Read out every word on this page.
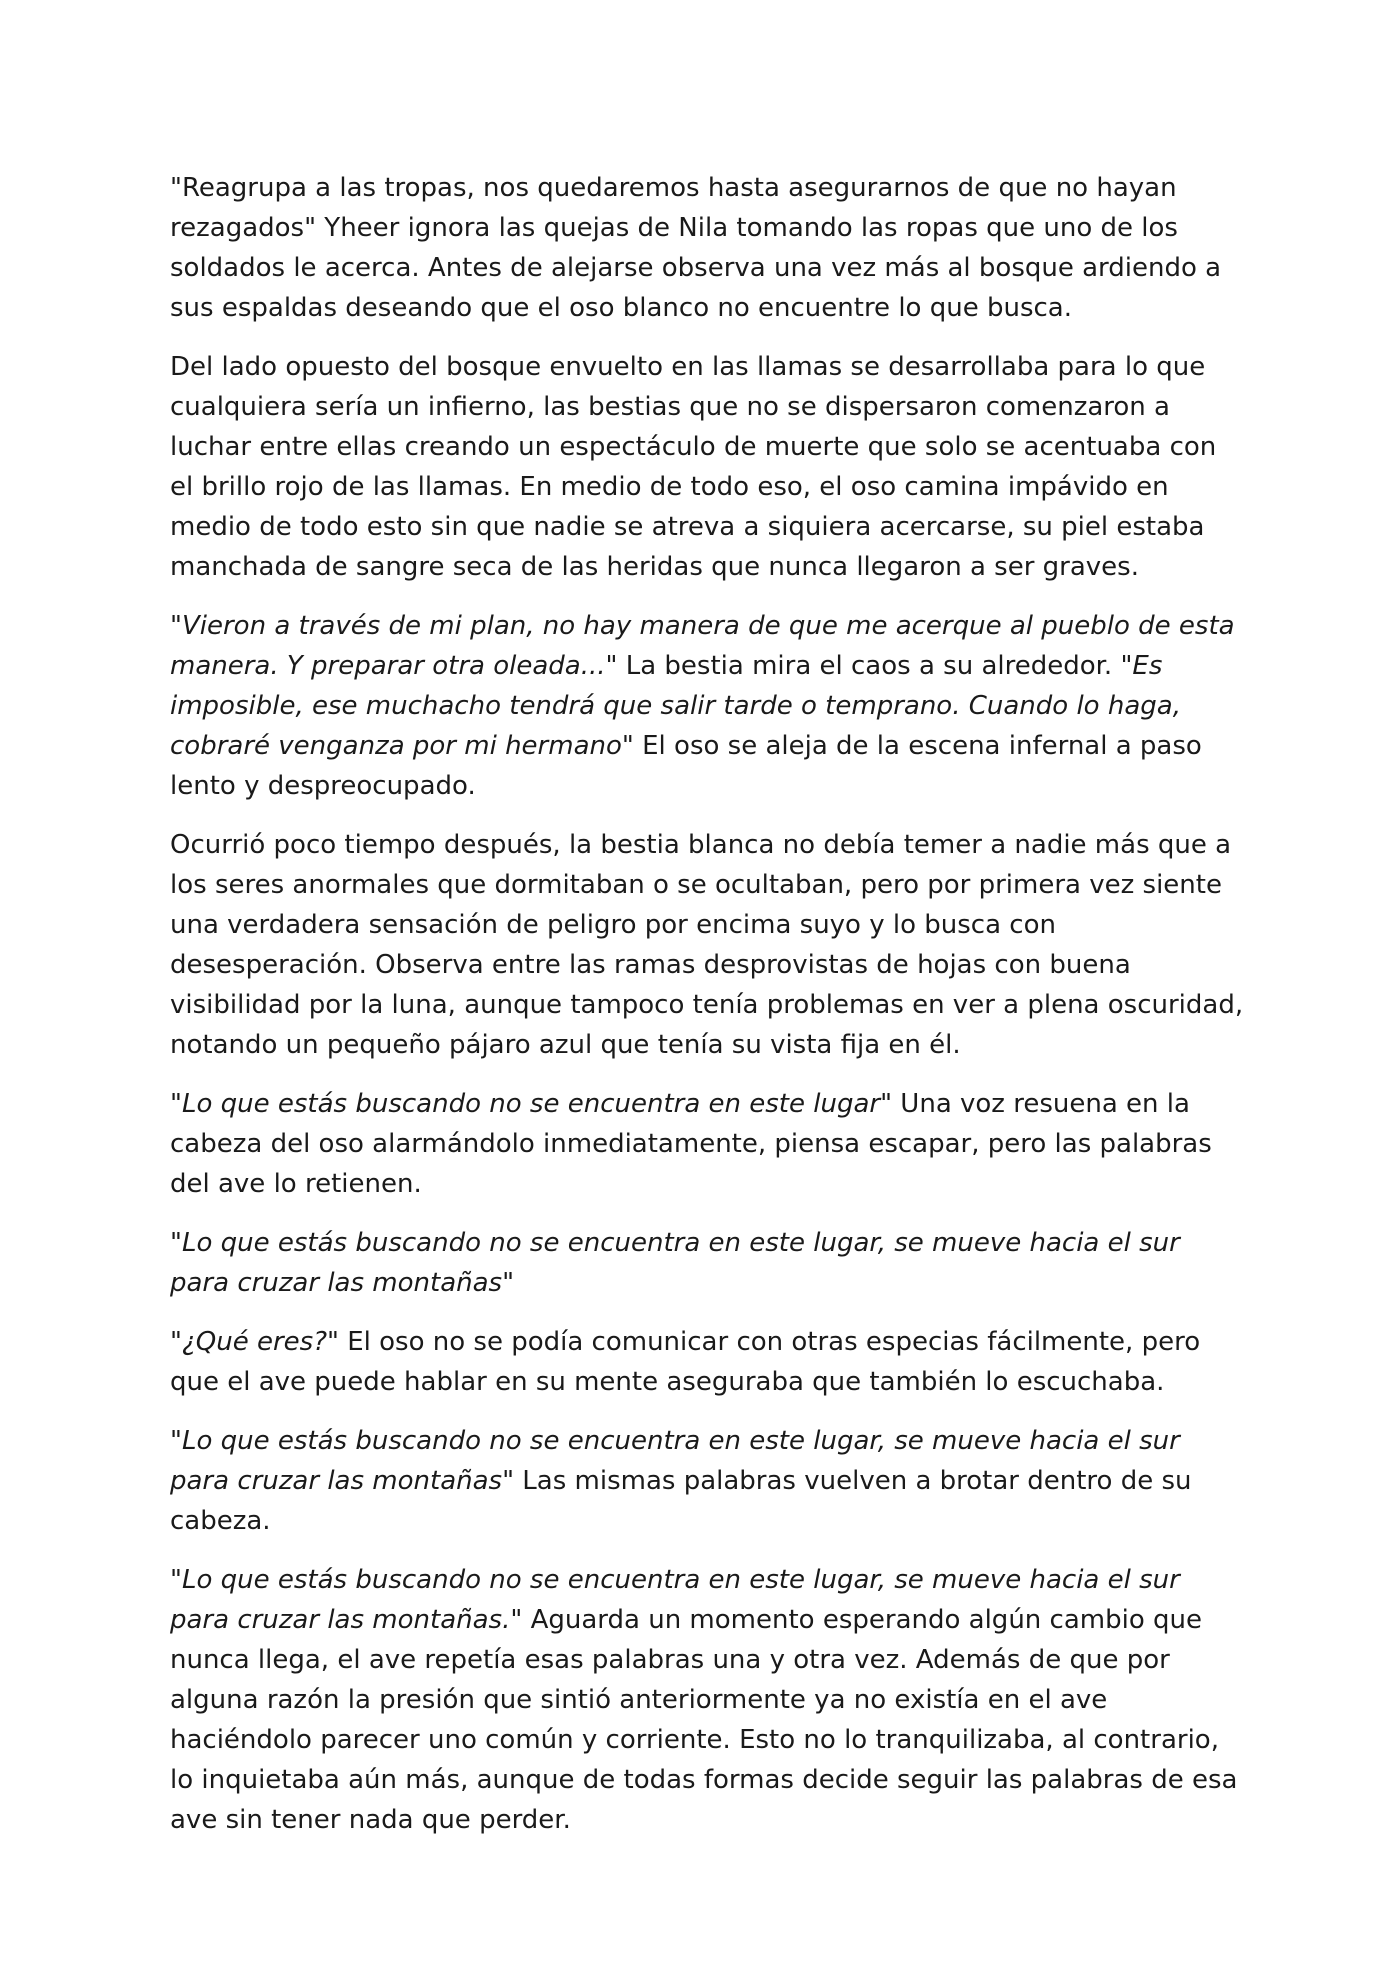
"Reagrupa a las tropas, nos quedaremos hasta asegurarnos de que no hayan rezagados" Yheer ignora las quejas de Nila tomando las ropas que uno de los soldados le acerca. Antes de alejarse observa una vez más al bosque ardiendo a sus espaldas deseando que el oso blanco no encuentre lo que busca.

Del lado opuesto del bosque envuelto en las llamas se desarrollaba para lo que cualquiera sería un infierno, las bestias que no se dispersaron comenzaron a luchar entre ellas creando un espectáculo de muerte que solo se acentuaba con el brillo rojo de las llamas. En medio de todo eso, el oso camina impávido en medio de todo esto sin que nadie se atreva a siquiera acercarse, su piel estaba manchada de sangre seca de las heridas que nunca llegaron a ser graves.

"Vieron a través de mi plan, no hay manera de que me acerque al pueblo de esta manera. Y preparar otra oleada..." La bestia mira el caos a su alrededor. "Es imposible, ese muchacho tendrá que salir tarde o temprano. Cuando lo haga, cobraré venganza por mi hermano" El oso se aleja de la escena infernal a paso lento y despreocupado.

Ocurrió poco tiempo después, la bestia blanca no debía temer a nadie más que a los seres anormales que dormitaban o se ocultaban, pero por primera vez siente una verdadera sensación de peligro por encima suyo y lo busca con desesperación. Observa entre las ramas desprovistas de hojas con buena visibilidad por la luna, aunque tampoco tenía problemas en ver a plena oscuridad, notando un pequeño pájaro azul que tenía su vista fija en él.

"Lo que estás buscando no se encuentra en este lugar" Una voz resuena en la cabeza del oso alarmándolo inmediatamente, piensa escapar, pero las palabras del ave lo retienen.

"Lo que estás buscando no se encuentra en este lugar, se mueve hacia el sur para cruzar las montañas"

"¿Qué eres?" El oso no se podía comunicar con otras especias fácilmente, pero que el ave puede hablar en su mente aseguraba que también lo escuchaba.

"Lo que estás buscando no se encuentra en este lugar, se mueve hacia el sur para cruzar las montañas" Las mismas palabras vuelven a brotar dentro de su cabeza.

"Lo que estás buscando no se encuentra en este lugar, se mueve hacia el sur para cruzar las montañas." Aguarda un momento esperando algún cambio que nunca llega, el ave repetía esas palabras una y otra vez. Además de que por alguna razón la presión que sintió anteriormente ya no existía en el ave haciéndolo parecer uno común y corriente. Esto no lo tranquilizaba, al contrario, lo inquietaba aún más, aunque de todas formas decide seguir las palabras de esa ave sin tener nada que perder.
